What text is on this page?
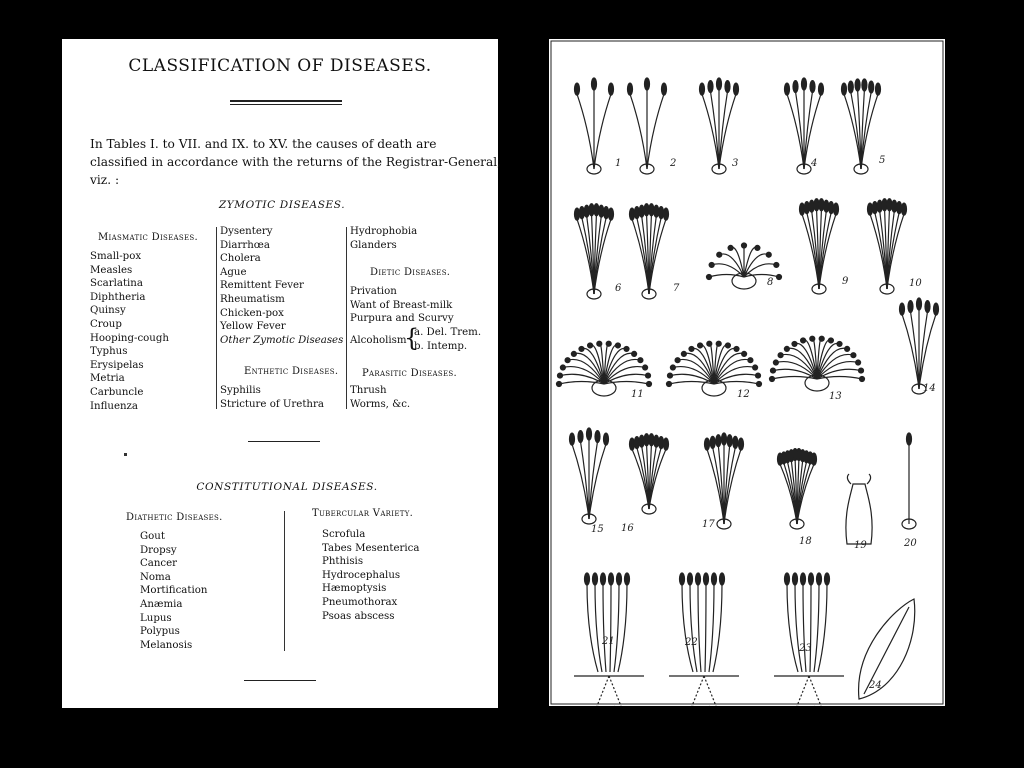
CLASSIFICATION OF DISEASES.
In Tables I. to VII. and IX. to XV. the causes of death are
classified in accordance with the returns of the Registrar-General,
viz. :
ZYMOTIC DISEASES.
Miasmatic Diseases.
Small-pox
Measles
Scarlatina
Diphtheria
Quinsy
Croup
Hooping-cough
Typhus
Erysipelas
Metria
Carbuncle
Influenza
Dysentery
Diarrhœa
Cholera
Ague
Remittent Fever
Rheumatism
Chicken-pox
Yellow Fever
Other Zymotic Diseases
Enthetic Diseases.
Syphilis
Stricture of Urethra
Hydrophobia
Glanders
Dietic Diseases.
Privation
Want of Breast-milk
Purpura and Scurvy
Alcoholism
{
a. Del. Trem.
b. Intemp.
Parasitic Diseases.
Thrush
Worms, &c.
CONSTITUTIONAL DISEASES.
Diathetic Diseases.
Gout
Dropsy
Cancer
Noma
Mortification
Anæmia
Lupus
Polypus
Melanosis
Tubercular Variety.
Scrofula
Tabes Mesenterica
Phthisis
Hydrocephalus
Hæmoptysis
Pneumothorax
Psoas abscess
1	2	3	4	5
6	7
8	9	10
11	12	13
14
15 16	17
18	19	20
21	22
23
24
